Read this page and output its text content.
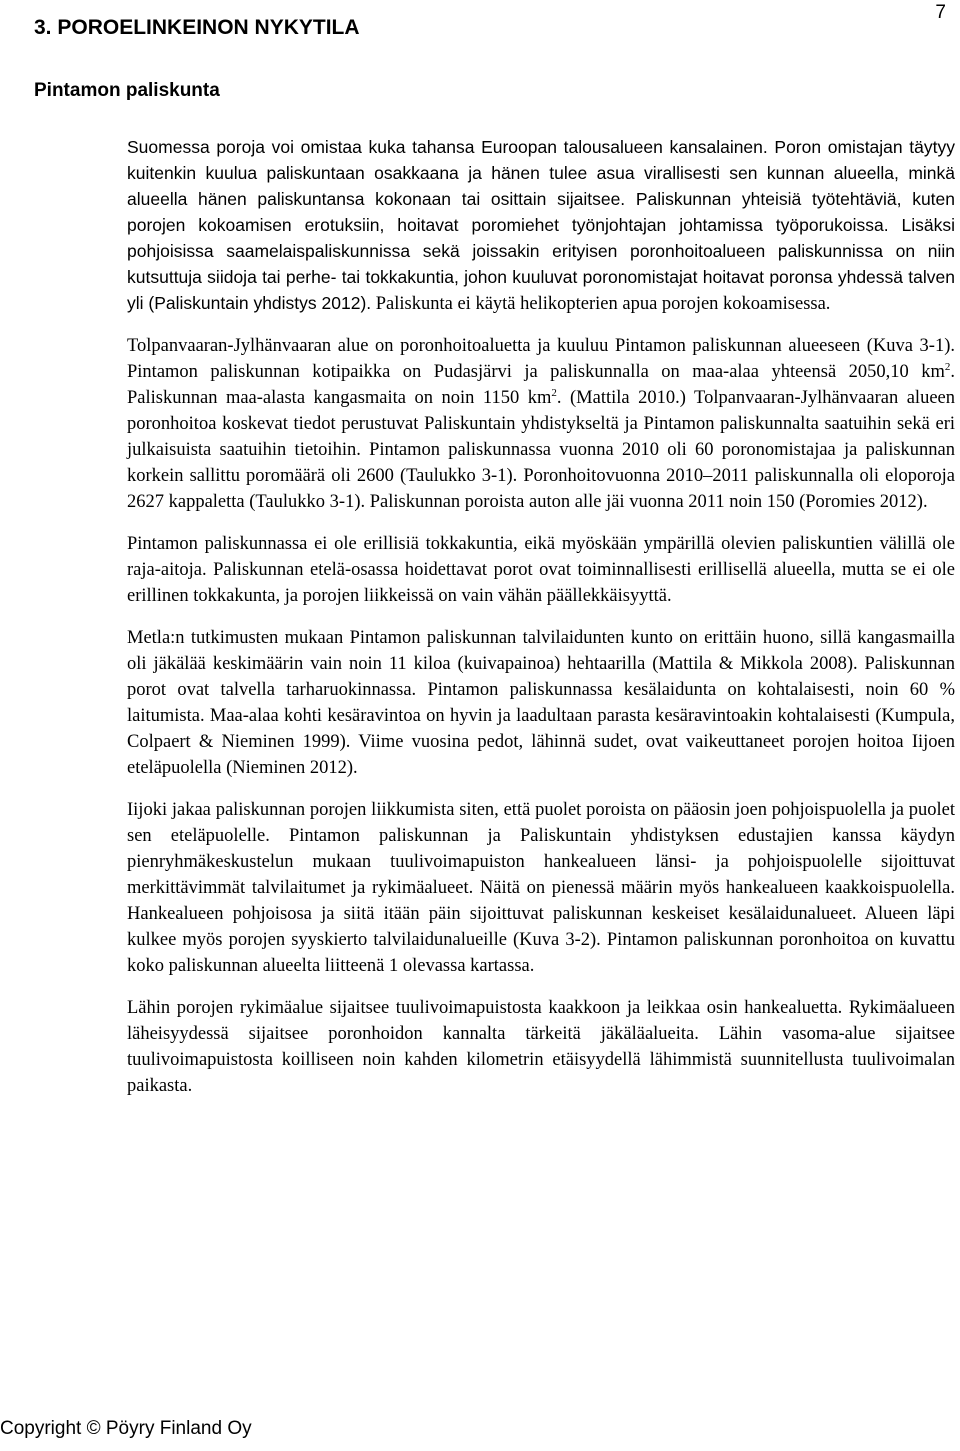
7
3. POROELINKEINON NYKYTILA
Pintamon paliskunta

Suomessa poroja voi omistaa kuka tahansa Euroopan talousalueen kansalainen. Poron omistajan täytyy kuitenkin kuulua paliskuntaan osakkaana ja hänen tulee asua virallisesti sen kunnan alueella, minkä alueella hänen paliskuntansa kokonaan tai osittain sijaitsee. Paliskunnan yhteisiä työtehtäviä, kuten porojen kokoamisen erotuksiin, hoitavat poromiehet työnjohtajan johtamissa työporukoissa. Lisäksi pohjoisissa saamelaispaliskunnissa sekä joissakin erityisen poronhoitoalueen paliskunnissa on niin kutsuttuja siidoja tai perhe- tai tokkakuntia, johon kuuluvat poronomistajat hoitavat poronsa yhdessä talven yli (Paliskuntain yhdistys 2012). Paliskunta ei käytä helikopterien apua porojen kokoamisessa.

Tolpanvaaran-Jylhänvaaran alue on poronhoitoaluetta ja kuuluu Pintamon paliskunnan alueeseen (Kuva 3-1). Pintamon paliskunnan kotipaikka on Pudasjärvi ja paliskunnalla on maa-alaa yhteensä 2050,10 $km^2$. Paliskunnan maa-alasta kangasmaita on noin 1150 $km^2$. (Mattila 2010.) Tolpanvaaran-Jylhänvaaran alueen poronhoitoa koskevat tiedot perustuvat Paliskuntain yhdistykseltä ja Pintamon paliskunnalta saatuihin sekä eri julkaisuista saatuihin tietoihin. Pintamon paliskunnassa vuonna 2010 oli 60 poronomistajaa ja paliskunnan korkein sallittu poromäärä oli 2600 (Taulukko 3-1). Poronhoitovuonna 2010–2011 paliskunnalla oli eloporoja 2627 kappaletta (Taulukko 3-1). Paliskunnan poroista auton alle jäi vuonna 2011 noin 150 (Poromies 2012).

Pintamon paliskunnassa ei ole erillisiä tokkakuntia, eikä myöskään ympärillä olevien paliskuntien välillä ole raja-aitoja. Paliskunnan etelä-osassa hoidettavat porot ovat toiminnallisesti erillisellä alueella, mutta se ei ole erillinen tokkakunta, ja porojen liikkeissä on vain vähän päällekkäisyyttä.

Metla:n tutkimusten mukaan Pintamon paliskunnan talvilaidunten kunto on erittäin huono, sillä kangasmailla oli jäkälää keskimäärin vain noin 11 kiloa (kuivapainoa) hehtaarilla (Mattila & Mikkola 2008). Paliskunnan porot ovat talvella tarharuokinnassa. Pintamon paliskunnassa kesälaidunta on kohtalaisesti, noin 60 % laitumista. Maa-alaa kohti kesäravintoa on hyvin ja laadultaan parasta kesäravintoakin kohtalaisesti (Kumpula, Colpaert & Nieminen 1999). Viime vuosina pedot, lähinnä sudet, ovat vaikeuttaneet porojen hoitoa Iijoen eteläpuolella (Nieminen 2012).

Iijoki jakaa paliskunnan porojen liikkumista siten, että puolet poroista on pääosin joen pohjoispuolella ja puolet sen eteläpuolelle. Pintamon paliskunnan ja Paliskuntain yhdistyksen edustajien kanssa käydyn pienryhmäkeskustelun mukaan tuulivoimapuiston hankealueen länsi- ja pohjoispuolelle sijoittuvat merkittävimmät talvilaitumet ja rykimäalueet. Näitä on pienessä määrin myös hankealueen kaakkoispuolella. Hankealueen pohjoisosa ja siitä itään päin sijoittuvat paliskunnan keskeiset kesälaidunalueet. Alueen läpi kulkee myös porojen syyskierto talvilaidunalueille (Kuva 3-2). Pintamon paliskunnan poronhoitoa on kuvattu koko paliskunnan alueelta liitteenä 1 olevassa kartassa.

Lähin porojen rykimäalue sijaitsee tuulivoimapuistosta kaakkoon ja leikkaa osin hankealuetta. Rykimäalueen läheisyydessä sijaitsee poronhoidon kannalta tärkeitä jäkäläalueita. Lähin vasoma-alue sijaitsee tuulivoimapuistosta koilliseen noin kahden kilometrin etäisyydellä lähimmistä suunnitellusta tuulivoimalan paikasta.

Copyright © Pöyry Finland Oy
